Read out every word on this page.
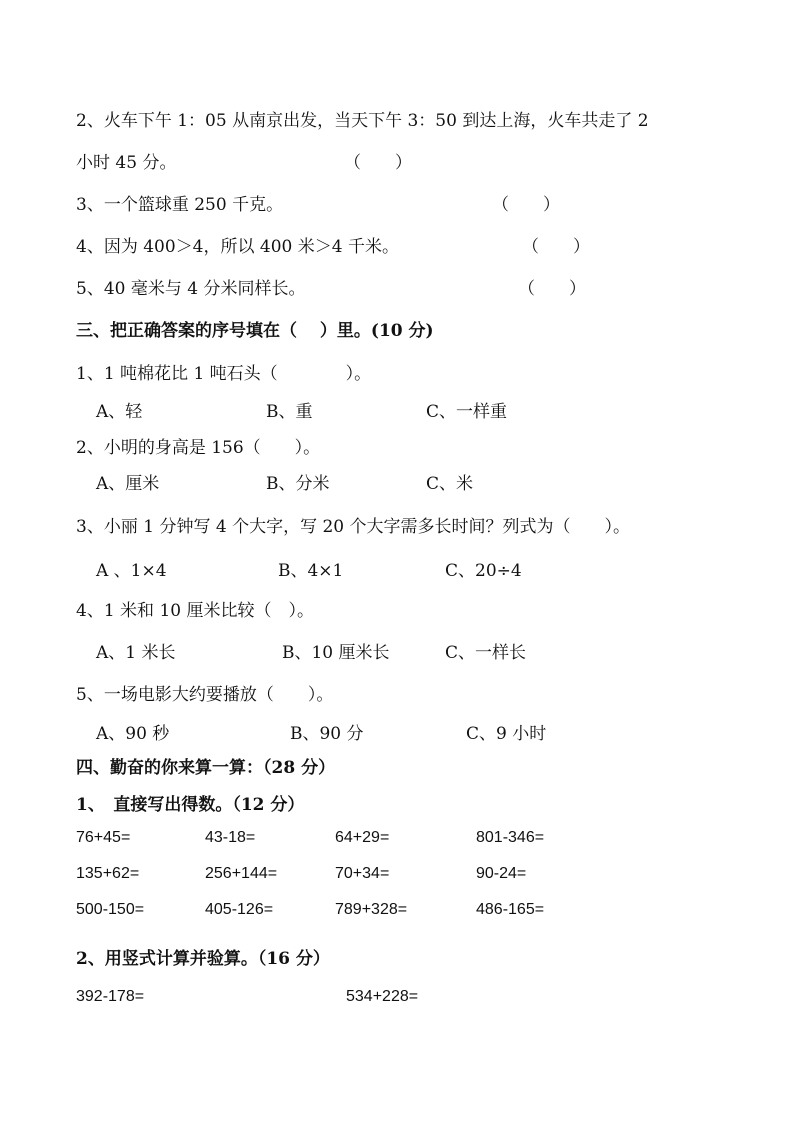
2、火车下午 1：05 从南京出发，当天下午 3：50 到达上海，火车共走了 2
小时 45 分。	（　　）
3、一个篮球重 250 千克。	（　　）
4、因为 400＞4，所以 400 米＞4 千米。	（　　）
5、40 毫米与 4 分米同样长。	（　　）
三、把正确答案的序号填在（　 ）里。(10 分)
1、1 吨棉花比 1 吨石头（　　　　）。
A、轻	B、重	C、一样重
2、小明的身高是 156（　　）。
A、厘米	B、分米	C、米
3、小丽 1 分钟写 4 个大字，写 20 个大字需多长时间？列式为（　　）。
A 、1×4	B、4×1	C、20÷4
4、1 米和 10 厘米比较（　）。
A、1 米长	B、10 厘米长	C、一样长
5、一场电影大约要播放（　　）。
A、90 秒	B、90 分	C、9 小时
四、勤奋的你来算一算：（28 分）
1、　直接写出得数。（12 分）
76+45=	43-18=	64+29=	801-346=
135+62=	256+144=	70+34=	90-24=
500-150=	405-126=	789+328=	486-165=
2、用竖式计算并验算。（16 分）
392-178=	534+228=
